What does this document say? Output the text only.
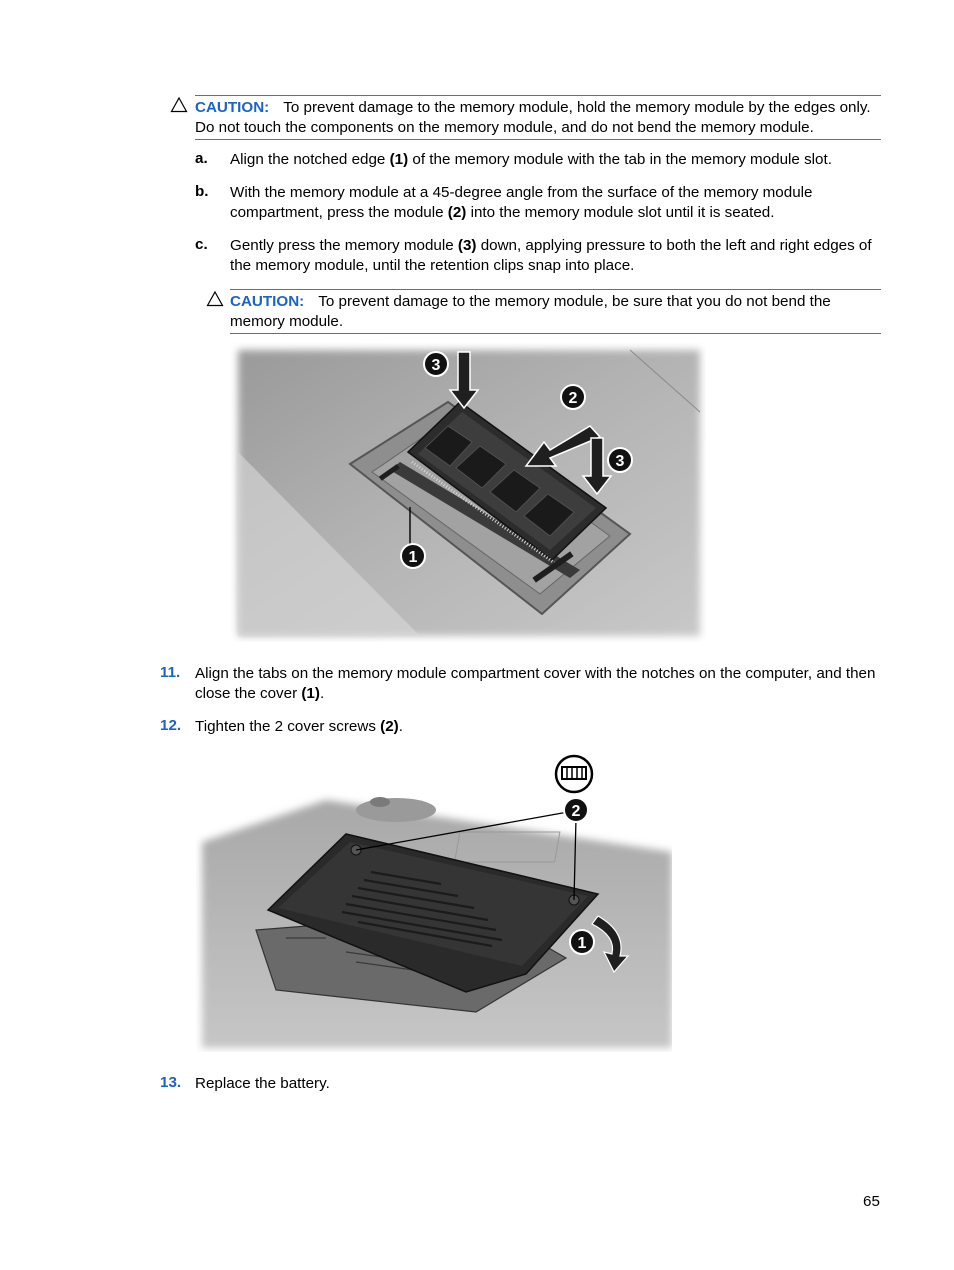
CAUTION: To prevent damage to the memory module, hold the memory module by the edges only. Do not touch the components on the memory module, and do not bend the memory module.
a. Align the notched edge (1) of the memory module with the tab in the memory module slot.
b. With the memory module at a 45-degree angle from the surface of the memory module compartment, press the module (2) into the memory module slot until it is seated.
c. Gently press the memory module (3) down, applying pressure to both the left and right edges of the memory module, until the retention clips snap into place.
CAUTION: To prevent damage to the memory module, be sure that you do not bend the memory module.
3
2
3
1
11. Align the tabs on the memory module compartment cover with the notches on the computer, and then close the cover (1).
12. Tighten the 2 cover screws (2).
2
1
13. Replace the battery.
65
